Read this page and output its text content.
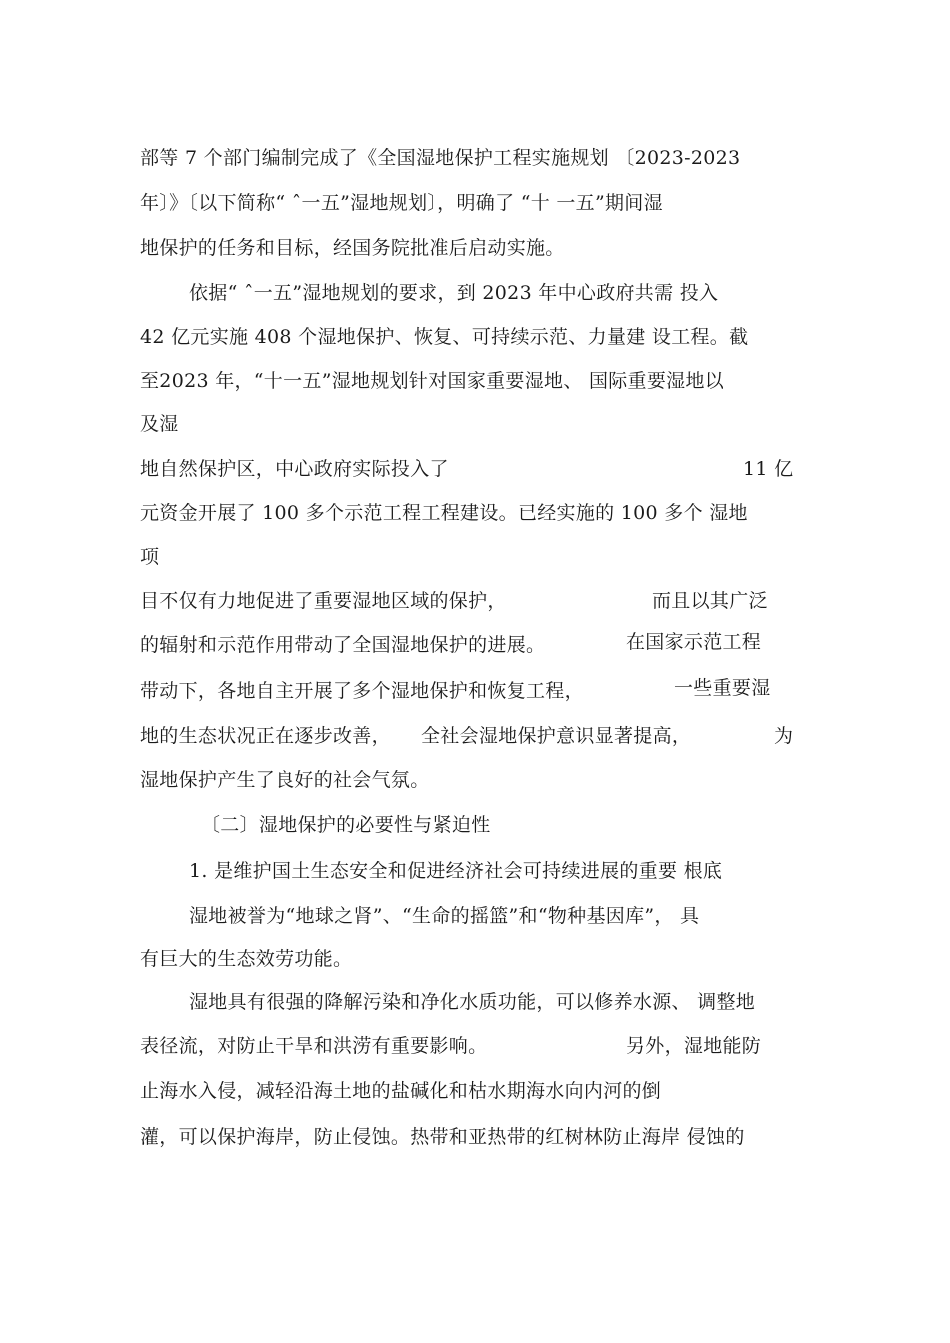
部等 7 个部门编制完成了《全国湿地保护工程实施规划 〔2023-2023
年〕》〔以下简称“ ˆ一五”湿地规划〕，明确了 “十 一五”期间湿
地保护的任务和目标，经国务院批准后启动实施。
依据“ ˆ一五”湿地规划的要求，到 2023 年中心政府共需 投入
42 亿元实施 408 个湿地保护、恢复、可持续示范、力量建 设工程。截
至2023 年，“十一五”湿地规划针对国家重要湿地、 国际重要湿地以
及湿
地自然保护区，中心政府实际投入了	11 亿
元资金开展了 100 多个示范工程工程建设。已经实施的 100 多个 湿地
项
目不仅有力地促进了重要湿地区域的保护，	而且以其广泛
的辐射和示范作用带动了全国湿地保护的进展。	在国家示范工程
带动下，各地自主开展了多个湿地保护和恢复工程，	一些重要湿
地的生态状况正在逐步改善， 全社会湿地保护意识显著提高，	为
湿地保护产生了良好的社会气氛。
〔二〕湿地保护的必要性与紧迫性
1. 是维护国土生态安全和促进经济社会可持续进展的重要 根底
湿地被誉为“地球之肾”、“生命的摇篮”和“物种基因库”， 具
有巨大的生态效劳功能。
湿地具有很强的降解污染和净化水质功能，可以修养水源、 调整地
表径流，对防止干旱和洪涝有重要影响。	另外，湿地能防
止海水入侵，减轻沿海土地的盐碱化和枯水期海水向内河的倒
灌，可以保护海岸，防止侵蚀。热带和亚热带的红树林防止海岸 侵蚀的
